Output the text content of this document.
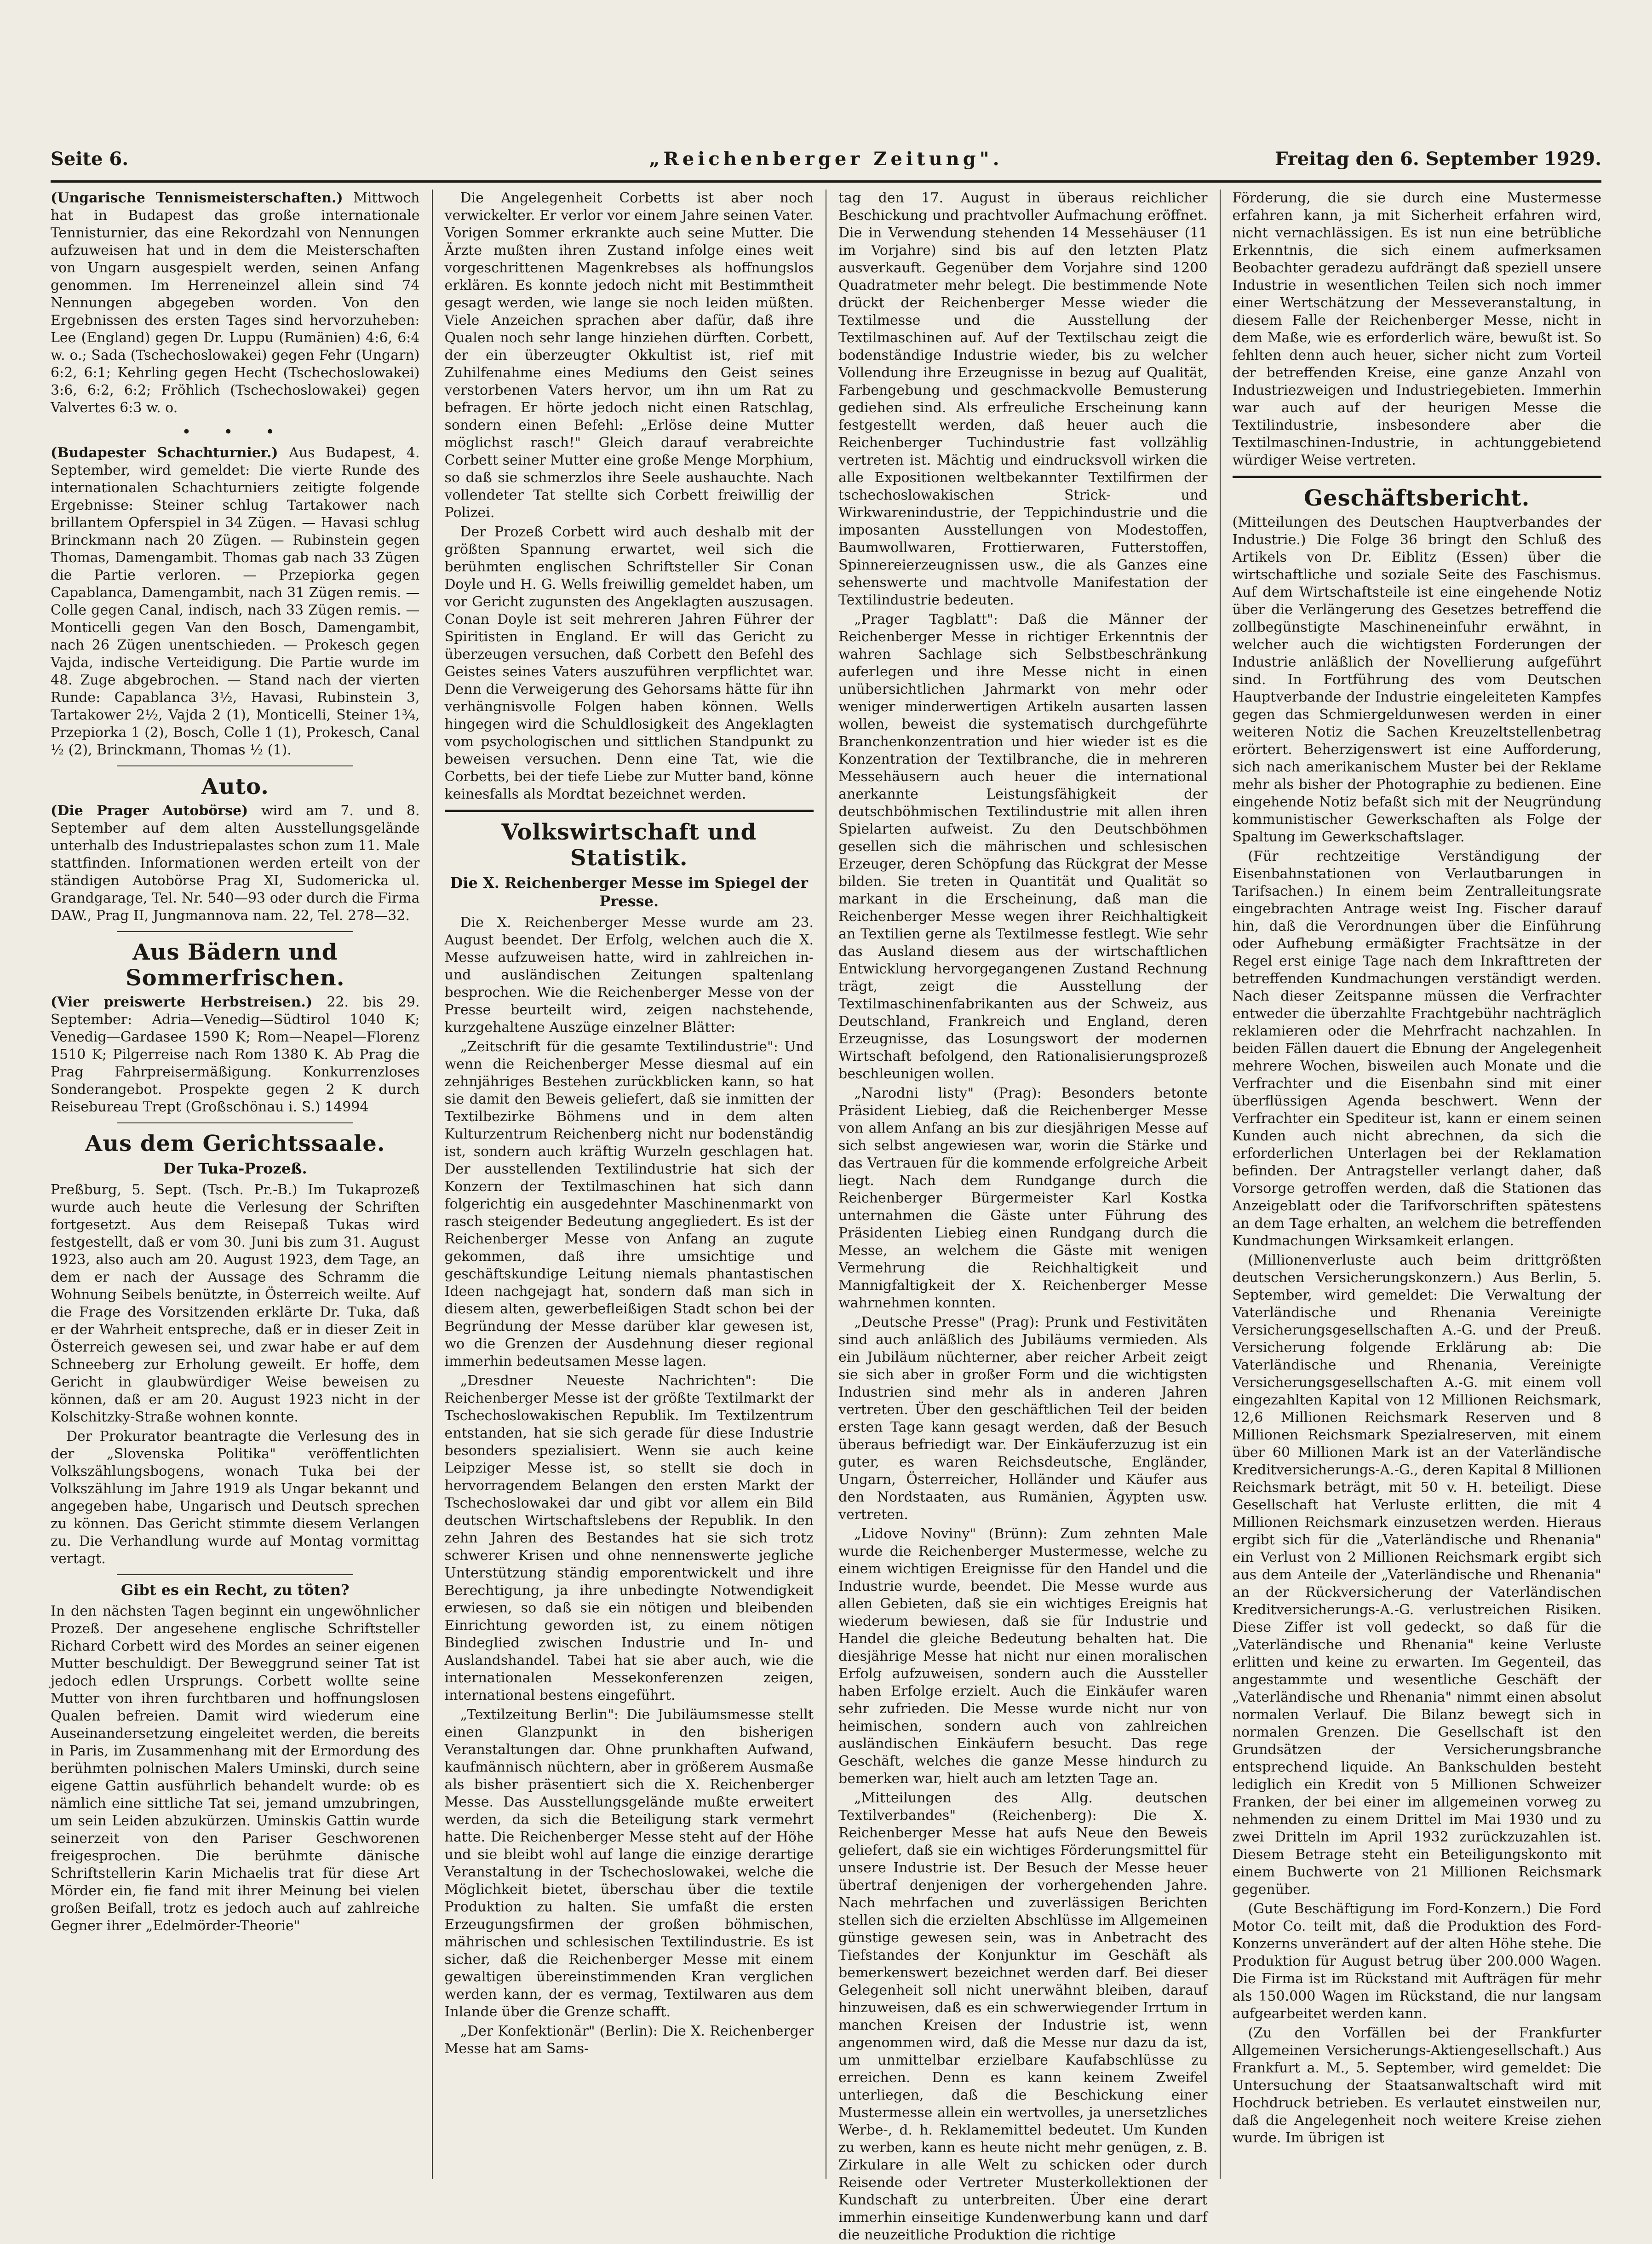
Seite 6.	„Reichenberger Zeitung".	Freitag den 6. September 1929.

(Ungarische Tennismeisterschaften.) Mittwoch hat in Budapest das große internationale Tennisturnier, das eine Rekordzahl von Nennungen aufzuweisen hat und in dem die Meisterschaften von Ungarn ausgespielt werden, seinen Anfang genommen. Im Herreneinzel allein sind 74 Nennungen abgegeben worden. Von den Ergebnissen des ersten Tages sind hervorzuheben: Lee (England) gegen Dr. Luppu (Rumänien) 4:6, 6:4 w. o.; Sada (Tschechoslowakei) gegen Fehr (Ungarn) 6:2, 6:1; Kehrling gegen Hecht (Tschechoslowakei) 3:6, 6:2, 6:2; Fröhlich (Tschechoslowakei) gegen Valvertes 6:3 w. o.

• • •

(Budapester Schachturnier.) Aus Budapest, 4. September, wird gemeldet: Die vierte Runde des internationalen Schachturniers zeitigte folgende Ergebnisse: Steiner schlug Tartakower nach brillantem Opferspiel in 34 Zügen. — Havasi schlug Brinckmann nach 20 Zügen. — Rubinstein gegen Thomas, Damengambit. Thomas gab nach 33 Zügen die Partie verloren. — Przepiorka gegen Capablanca, Damengambit, nach 31 Zügen remis. — Colle gegen Canal, indisch, nach 33 Zügen remis. — Monticelli gegen Van den Bosch, Damengambit, nach 26 Zügen unentschieden. — Prokesch gegen Vajda, indische Verteidigung. Die Partie wurde im 48. Zuge abgebrochen. — Stand nach der vierten Runde: Capablanca 3½, Havasi, Rubinstein 3, Tartakower 2½, Vajda 2 (1), Monticelli, Steiner 1¾, Przepiorka 1 (2), Bosch, Colle 1 (1), Prokesch, Canal ½ (2), Brinckmann, Thomas ½ (1).

Auto.

(Die Prager Autobörse) wird am 7. und 8. September auf dem alten Ausstellungsgelände unterhalb des Industriepalastes schon zum 11. Male stattfinden. Informationen werden erteilt von der ständigen Autobörse Prag XI, Sudomericka ul. Grandgarage, Tel. Nr. 540—93 oder durch die Firma DAW., Prag II, Jungmannova nam. 22, Tel. 278—32.

Aus Bädern und Sommerfrischen.

(Vier preiswerte Herbstreisen.) 22. bis 29. September: Adria—Venedig—Südtirol 1040 K; Venedig—Gardasee 1590 K; Rom—Neapel—Florenz 1510 K; Pilgerreise nach Rom 1380 K. Ab Prag die Prag Fahrpreisermäßigung. Konkurrenzloses Sonderangebot. Prospekte gegen 2 K durch Reisebureau Trept (Großschönau i. S.) 14994

Aus dem Gerichtssaale.
Der Tuka-Prozeß.

Preßburg, 5. Sept. (Tsch. Pr.-B.) Im Tukaprozeß wurde auch heute die Verlesung der Schriften fortgesetzt. Aus dem Reisepaß Tukas wird festgestellt, daß er vom 30. Juni bis zum 31. August 1923, also auch am 20. August 1923, dem Tage, an dem er nach der Aussage des Schramm die Wohnung Seibels benützte, in Österreich weilte. Auf die Frage des Vorsitzenden erklärte Dr. Tuka, daß er der Wahrheit entspreche, daß er in dieser Zeit in Österreich gewesen sei, und zwar habe er auf dem Schneeberg zur Erholung geweilt. Er hoffe, dem Gericht in glaubwürdiger Weise beweisen zu können, daß er am 20. August 1923 nicht in der Kolschitzky-Straße wohnen konnte.

Der Prokurator beantragte die Verlesung des in der „Slovenska Politika" veröffentlichten Volkszählungsbogens, wonach Tuka bei der Volkszählung im Jahre 1919 als Ungar bekannt und angegeben habe, Ungarisch und Deutsch sprechen zu können. Das Gericht stimmte diesem Verlangen zu. Die Verhandlung wurde auf Montag vormittag vertagt.

Gibt es ein Recht, zu töten?

In den nächsten Tagen beginnt ein ungewöhnlicher Prozeß. Der angesehene englische Schriftsteller Richard Corbett wird des Mordes an seiner eigenen Mutter beschuldigt. Der Beweggrund seiner Tat ist jedoch edlen Ursprungs. Corbett wollte seine Mutter von ihren furchtbaren und hoffnungslosen Qualen befreien. Damit wird wiederum eine Auseinandersetzung eingeleitet werden, die bereits in Paris, im Zusammenhang mit der Ermordung des berühmten polnischen Malers Uminski, durch seine eigene Gattin ausführlich behandelt wurde: ob es nämlich eine sittliche Tat sei, jemand umzubringen, um sein Leiden abzukürzen. Uminskis Gattin wurde seinerzeit von den Pariser Geschworenen freigesprochen. Die berühmte dänische Schriftstellerin Karin Michaelis trat für diese Art Mörder ein, fie fand mit ihrer Meinung bei vielen großen Beifall, trotz es jedoch auch auf zahlreiche Gegner ihrer „Edelmörder-Theorie"

Die Angelegenheit Corbetts ist aber noch verwickelter. Er verlor vor einem Jahre seinen Vater. Vorigen Sommer erkrankte auch seine Mutter. Die Ärzte mußten ihren Zustand infolge eines weit vorgeschrittenen Magenkrebses als hoffnungslos erklären. Es konnte jedoch nicht mit Bestimmtheit gesagt werden, wie lange sie noch leiden müßten. Viele Anzeichen sprachen aber dafür, daß ihre Qualen noch sehr lange hinziehen dürften. Corbett, der ein überzeugter Okkultist ist, rief mit Zuhilfenahme eines Mediums den Geist seines verstorbenen Vaters hervor, um ihn um Rat zu befragen. Er hörte jedoch nicht einen Ratschlag, sondern einen Befehl: „Erlöse deine Mutter möglichst rasch!" Gleich darauf verabreichte Corbett seiner Mutter eine große Menge Morphium, so daß sie schmerzlos ihre Seele aushauchte. Nach vollendeter Tat stellte sich Corbett freiwillig der Polizei.

Der Prozeß Corbett wird auch deshalb mit der größten Spannung erwartet, weil sich die berühmten englischen Schriftsteller Sir Conan Doyle und H. G. Wells freiwillig gemeldet haben, um vor Gericht zugunsten des Angeklagten auszusagen. Conan Doyle ist seit mehreren Jahren Führer der Spiritisten in England. Er will das Gericht zu überzeugen versuchen, daß Corbett den Befehl des Geistes seines Vaters auszuführen verpflichtet war. Denn die Verweigerung des Gehorsams hätte für ihn verhängnisvolle Folgen haben können. Wells hingegen wird die Schuldlosigkeit des Angeklagten vom psychologischen und sittlichen Standpunkt zu beweisen versuchen. Denn eine Tat, wie die Corbetts, bei der tiefe Liebe zur Mutter band, könne keinesfalls als Mordtat bezeichnet werden.

Volkswirtschaft und Statistik.
Die X. Reichenberger Messe im Spiegel der Presse.

Die X. Reichenberger Messe wurde am 23. August beendet. Der Erfolg, welchen auch die X. Messe aufzuweisen hatte, wird in zahlreichen in- und ausländischen Zeitungen spaltenlang besprochen. Wie die Reichenberger Messe von der Presse beurteilt wird, zeigen nachstehende, kurzgehaltene Auszüge einzelner Blätter:

„Zeitschrift für die gesamte Textilindustrie": Und wenn die Reichenberger Messe diesmal auf ein zehnjähriges Bestehen zurückblicken kann, so hat sie damit den Beweis geliefert, daß sie inmitten der Textilbezirke Böhmens und in dem alten Kulturzentrum Reichenberg nicht nur bodenständig ist, sondern auch kräftig Wurzeln geschlagen hat. Der ausstellenden Textilindustrie hat sich der Konzern der Textilmaschinen hat sich dann folgerichtig ein ausgedehnter Maschinenmarkt von rasch steigender Bedeutung angegliedert. Es ist der Reichenberger Messe von Anfang an zugute gekommen, daß ihre umsichtige und geschäftskundige Leitung niemals phantastischen Ideen nachgejagt hat, sondern daß man sich in diesem alten, gewerbefleißigen Stadt schon bei der Begründung der Messe darüber klar gewesen ist, wo die Grenzen der Ausdehnung dieser regional immerhin bedeutsamen Messe lagen.

„Dresdner Neueste Nachrichten": Die Reichenberger Messe ist der größte Textilmarkt der Tschechoslowakischen Republik. Im Textilzentrum entstanden, hat sie sich gerade für diese Industrie besonders spezialisiert. Wenn sie auch keine Leipziger Messe ist, so stellt sie doch in hervorragendem Belangen den ersten Markt der Tschechoslowakei dar und gibt vor allem ein Bild deutschen Wirtschaftslebens der Republik. In den zehn Jahren des Bestandes hat sie sich trotz schwerer Krisen und ohne nennenswerte jegliche Unterstützung ständig emporentwickelt und ihre Berechtigung, ja ihre unbedingte Notwendigkeit erwiesen, so daß sie ein nötigen und bleibenden Einrichtung geworden ist, zu einem nötigen Bindeglied zwischen Industrie und In- und Auslandshandel. Tabei hat sie aber auch, wie die internationalen Messekonferenzen zeigen, international bestens eingeführt.

„Textilzeitung Berlin": Die Jubiläumsmesse stellt einen Glanzpunkt in den bisherigen Veranstaltungen dar. Ohne prunkhaften Aufwand, kaufmännisch nüchtern, aber in größerem Ausmaße als bisher präsentiert sich die X. Reichenberger Messe. Das Ausstellungsgelände mußte erweitert werden, da sich die Beteiligung stark vermehrt hatte. Die Reichenberger Messe steht auf der Höhe und sie bleibt wohl auf lange die einzige derartige Veranstaltung in der Tschechoslowakei, welche die Möglichkeit bietet, überschau über die textile Produktion zu halten. Sie umfaßt die ersten Erzeugungsfirmen der großen böhmischen, mährischen und schlesischen Textilindustrie. Es ist sicher, daß die Reichenberger Messe mit einem gewaltigen übereinstimmenden Kran verglichen werden kann, der es vermag, Textilwaren aus dem Inlande über die Grenze schafft.

„Der Konfektionär" (Berlin): Die X. Reichenberger Messe hat am Sams-

tag den 17. August in überaus reichlicher Beschickung und prachtvoller Aufmachung eröffnet. Die in Verwendung stehenden 14 Messehäuser (11 im Vorjahre) sind bis auf den letzten Platz ausverkauft. Gegenüber dem Vorjahre sind 1200 Quadratmeter mehr belegt. Die bestimmende Note drückt der Reichenberger Messe wieder die Textilmesse und die Ausstellung der Textilmaschinen auf. Auf der Textilschau zeigt die bodenständige Industrie wieder, bis zu welcher Vollendung ihre Erzeugnisse in bezug auf Qualität, Farbengebung und geschmackvolle Bemusterung gediehen sind. Als erfreuliche Erscheinung kann festgestellt werden, daß heuer auch die Reichenberger Tuchindustrie fast vollzählig vertreten ist. Mächtig und eindrucksvoll wirken die alle Expositionen weltbekannter Textilfirmen der tschechoslowakischen Strick- und Wirkwarenindustrie, der Teppichindustrie und die imposanten Ausstellungen von Modestoffen, Baumwollwaren, Frottierwaren, Futterstoffen, Spinnereierzeugnissen usw., die als Ganzes eine sehenswerte und machtvolle Manifestation der Textilindustrie bedeuten.

„Prager Tagblatt": Daß die Männer der Reichenberger Messe in richtiger Erkenntnis der wahren Sachlage sich Selbstbeschränkung auferlegen und ihre Messe nicht in einen unübersichtlichen Jahrmarkt von mehr oder weniger minderwertigen Artikeln ausarten lassen wollen, beweist die systematisch durchgeführte Branchenkonzentration und hier wieder ist es die Konzentration der Textilbranche, die in mehreren Messehäusern auch heuer die international anerkannte Leistungsfähigkeit der deutschböhmischen Textilindustrie mit allen ihren Spielarten aufweist. Zu den Deutschböhmen gesellen sich die mährischen und schlesischen Erzeuger, deren Schöpfung das Rückgrat der Messe bilden. Sie treten in Quantität und Qualität so markant in die Erscheinung, daß man die Reichenberger Messe wegen ihrer Reichhaltigkeit an Textilien gerne als Textilmesse festlegt. Wie sehr das Ausland diesem aus der wirtschaftlichen Entwicklung hervorgegangenen Zustand Rechnung trägt, zeigt die Ausstellung der Textilmaschinenfabrikanten aus der Schweiz, aus Deutschland, Frankreich und England, deren Erzeugnisse, das Losungswort der modernen Wirtschaft befolgend, den Rationalisierungsprozeß beschleunigen wollen.

„Narodni listy" (Prag): Besonders betonte Präsident Liebieg, daß die Reichenberger Messe von allem Anfang an bis zur diesjährigen Messe auf sich selbst angewiesen war, worin die Stärke und das Vertrauen für die kommende erfolgreiche Arbeit liegt. Nach dem Rundgange durch die Reichenberger Bürgermeister Karl Kostka unternahmen die Gäste unter Führung des Präsidenten Liebieg einen Rundgang durch die Messe, an welchem die Gäste mit wenigen Vermehrung die Reichhaltigkeit und Mannigfaltigkeit der X. Reichenberger Messe wahrnehmen konnten.

„Deutsche Presse" (Prag): Prunk und Festivitäten sind auch anläßlich des Jubiläums vermieden. Als ein Jubiläum nüchterner, aber reicher Arbeit zeigt sie sich aber in großer Form und die wichtigsten Industrien sind mehr als in anderen Jahren vertreten. Über den geschäftlichen Teil der beiden ersten Tage kann gesagt werden, daß der Besuch überaus befriedigt war. Der Einkäuferzuzug ist ein guter, es waren Reichsdeutsche, Engländer, Ungarn, Österreicher, Holländer und Käufer aus den Nordstaaten, aus Rumänien, Ägypten usw. vertreten.

„Lidove Noviny" (Brünn): Zum zehnten Male wurde die Reichenberger Mustermesse, welche zu einem wichtigen Ereignisse für den Handel und die Industrie wurde, beendet. Die Messe wurde aus allen Gebieten, daß sie ein wichtiges Ereignis hat wiederum bewiesen, daß sie für Industrie und Handel die gleiche Bedeutung behalten hat. Die diesjährige Messe hat nicht nur einen moralischen Erfolg aufzuweisen, sondern auch die Aussteller haben Erfolge erzielt. Auch die Einkäufer waren sehr zufrieden. Die Messe wurde nicht nur von heimischen, sondern auch von zahlreichen ausländischen Einkäufern besucht. Das rege Geschäft, welches die ganze Messe hindurch zu bemerken war, hielt auch am letzten Tage an.

„Mitteilungen des Allg. deutschen Textilverbandes" (Reichenberg): Die X. Reichenberger Messe hat aufs Neue den Beweis geliefert, daß sie ein wichtiges Förderungsmittel für unsere Industrie ist. Der Besuch der Messe heuer übertraf denjenigen der vorhergehenden Jahre. Nach mehrfachen und zuverlässigen Berichten stellen sich die erzielten Abschlüsse im Allgemeinen günstige gewesen sein, was in Anbetracht des Tiefstandes der Konjunktur im Geschäft als bemerkenswert bezeichnet werden darf. Bei dieser Gelegenheit soll nicht unerwähnt bleiben, darauf hinzuweisen, daß es ein schwerwiegender Irrtum in manchen Kreisen der Industrie ist, wenn angenommen wird, daß die Messe nur dazu da ist, um unmittelbar erzielbare Kaufabschlüsse zu erreichen. Denn es kann keinem Zweifel unterliegen, daß die Beschickung einer Mustermesse allein ein wertvolles, ja unersetzliches Werbe-, d. h. Reklamemittel bedeutet. Um Kunden zu werben, kann es heute nicht mehr genügen, z. B. Zirkulare in alle Welt zu schicken oder durch Reisende oder Vertreter Musterkollektionen der Kundschaft zu unterbreiten. Über eine derart immerhin einseitige Kundenwerbung kann und darf die neuzeitliche Produktion die richtige

Förderung, die sie durch eine Mustermesse erfahren kann, ja mit Sicherheit erfahren wird, nicht vernachlässigen. Es ist nun eine betrübliche Erkenntnis, die sich einem aufmerksamen Beobachter geradezu aufdrängt daß speziell unsere Industrie in wesentlichen Teilen sich noch immer einer Wertschätzung der Messeveranstaltung, in diesem Falle der Reichenberger Messe, nicht in dem Maße, wie es erforderlich wäre, bewußt ist. So fehlten denn auch heuer, sicher nicht zum Vorteil der betreffenden Kreise, eine ganze Anzahl von Industriezweigen und Industriegebieten. Immerhin war auch auf der heurigen Messe die Textilindustrie, insbesondere aber die Textilmaschinen-Industrie, in achtunggebietend würdiger Weise vertreten.

Geschäftsbericht.

(Mitteilungen des Deutschen Hauptverbandes der Industrie.) Die Folge 36 bringt den Schluß des Artikels von Dr. Eiblitz (Essen) über die wirtschaftliche und soziale Seite des Faschismus. Auf dem Wirtschaftsteile ist eine eingehende Notiz über die Verlängerung des Gesetzes betreffend die zollbegünstigte Maschineneinfuhr erwähnt, in welcher auch die wichtigsten Forderungen der Industrie anläßlich der Novellierung aufgeführt sind. In Fortführung des vom Deutschen Hauptverbande der Industrie eingeleiteten Kampfes gegen das Schmiergeldunwesen werden in einer weiteren Notiz die Sachen Kreuzeltstellenbetrag erörtert. Beherzigenswert ist eine Aufforderung, sich nach amerikanischem Muster bei der Reklame mehr als bisher der Photographie zu bedienen. Eine eingehende Notiz befaßt sich mit der Neugründung kommunistischer Gewerkschaften als Folge der Spaltung im Gewerkschaftslager.

(Für rechtzeitige Verständigung der Eisenbahnstationen von Verlautbarungen in Tarifsachen.) In einem beim Zentralleitungsrate eingebrachten Antrage weist Ing. Fischer darauf hin, daß die Verordnungen über die Einführung oder Aufhebung ermäßigter Frachtsätze in der Regel erst einige Tage nach dem Inkrafttreten der betreffenden Kundmachungen verständigt werden. Nach dieser Zeitspanne müssen die Verfrachter entweder die überzahlte Frachtgebühr nachträglich reklamieren oder die Mehrfracht nachzahlen. In beiden Fällen dauert die Ebnung der Angelegenheit mehrere Wochen, bisweilen auch Monate und die Verfrachter und die Eisenbahn sind mit einer überflüssigen Agenda beschwert. Wenn der Verfrachter ein Spediteur ist, kann er einem seinen Kunden auch nicht abrechnen, da sich die erforderlichen Unterlagen bei der Reklamation befinden. Der Antragsteller verlangt daher, daß Vorsorge getroffen werden, daß die Stationen das Anzeigeblatt oder die Tarifvorschriften spätestens an dem Tage erhalten, an welchem die betreffenden Kundmachungen Wirksamkeit erlangen.

(Millionenverluste auch beim drittgrößten deutschen Versicherungskonzern.) Aus Berlin, 5. September, wird gemeldet: Die Verwaltung der Vaterländische und Rhenania Vereinigte Versicherungsgesellschaften A.-G. und der Preuß. Versicherung folgende Erklärung ab: Die Vaterländische und Rhenania, Vereinigte Versicherungsgesellschaften A.-G. mit einem voll eingezahlten Kapital von 12 Millionen Reichsmark, 12,6 Millionen Reichsmark Reserven und 8 Millionen Reichsmark Spezialreserven, mit einem über 60 Millionen Mark ist an der Vaterländische Kreditversicherungs-A.-G., deren Kapital 8 Millionen Reichsmark beträgt, mit 50 v. H. beteiligt. Diese Gesellschaft hat Verluste erlitten, die mit 4 Millionen Reichsmark einzusetzen werden. Hieraus ergibt sich für die „Vaterländische und Rhenania" ein Verlust von 2 Millionen Reichsmark ergibt sich aus dem Anteile der „Vaterländische und Rhenania" an der Rückversicherung der Vaterländischen Kreditversicherungs-A.-G. verlustreichen Risiken. Diese Ziffer ist voll gedeckt, so daß für die „Vaterländische und Rhenania" keine Verluste erlitten und keine zu erwarten. Im Gegenteil, das angestammte und wesentliche Geschäft der „Vaterländische und Rhenania" nimmt einen absolut normalen Verlauf. Die Bilanz bewegt sich in normalen Grenzen. Die Gesellschaft ist den Grundsätzen der Versicherungsbranche entsprechend liquide. An Bankschulden besteht lediglich ein Kredit von 5 Millionen Schweizer Franken, der bei einer im allgemeinen vorweg zu nehmenden zu einem Drittel im Mai 1930 und zu zwei Dritteln im April 1932 zurückzuzahlen ist. Diesem Betrage steht ein Beteiligungskonto mit einem Buchwerte von 21 Millionen Reichsmark gegenüber.

(Gute Beschäftigung im Ford-Konzern.) Die Ford Motor Co. teilt mit, daß die Produktion des Ford-Konzerns unverändert auf der alten Höhe stehe. Die Produktion für August betrug über 200.000 Wagen. Die Firma ist im Rückstand mit Aufträgen für mehr als 150.000 Wagen im Rückstand, die nur langsam aufgearbeitet werden kann.

(Zu den Vorfällen bei der Frankfurter Allgemeinen Versicherungs-Aktiengesellschaft.) Aus Frankfurt a. M., 5. September, wird gemeldet: Die Untersuchung der Staatsanwaltschaft wird mit Hochdruck betrieben. Es verlautet einstweilen nur, daß die Angelegenheit noch weitere Kreise ziehen wurde. Im übrigen ist
